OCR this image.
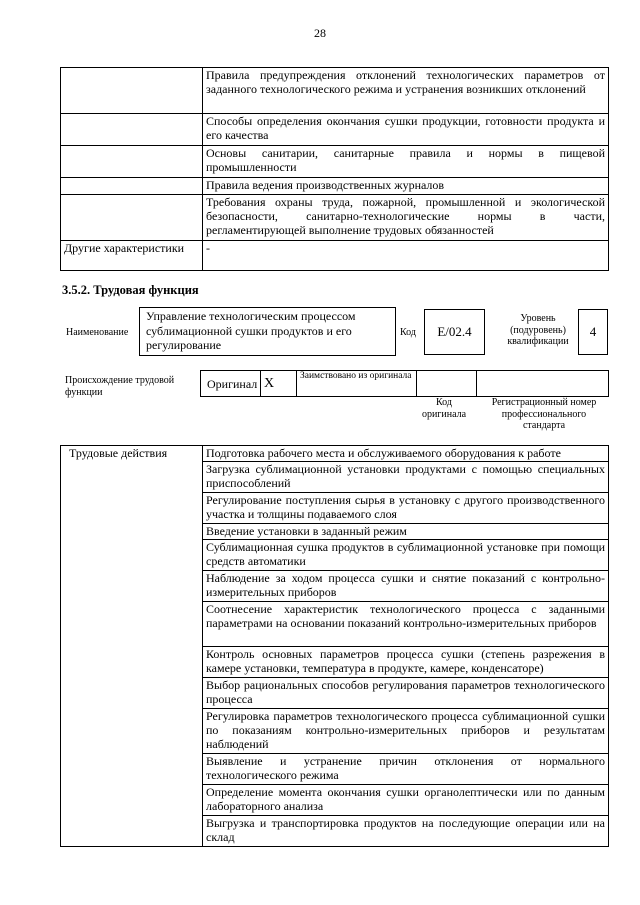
28
	Правила предупреждения отклонений технологических параметров от заданного технологического режима и устранения возникших отклонений
	Способы определения окончания сушки продукции, готовности продукта и его качества
	Основы санитарии, санитарные правила и нормы в пищевой промышленности
	Правила ведения производственных журналов
	Требования охраны труда, пожарной, промышленной и экологической безопасности, санитарно-технологические нормы в части, регламентирующей выполнение трудовых обязанностей
Другие характеристики	-
3.5.2. Трудовая функция
Наименование
Управление технологическим процессом сублимационной сушки продуктов и его регулирование
Код E/02.4
Уровень (подуровень) квалификации
4
Происхождение трудовой функции
Оригинал	X	Заимствовано из оригинала		
Код оригинала
Регистрационный номер профессионального стандарта
Трудовые действия	Подготовка рабочего места и обслуживаемого оборудования к работе
Загрузка сублимационной установки продуктами с помощью специальных приспособлений
Регулирование поступления сырья в установку с другого производственного участка и толщины подаваемого слоя
Введение установки в заданный режим
Сублимационная сушка продуктов в сублимационной установке при помощи средств автоматики
Наблюдение за ходом процесса сушки и снятие показаний с контрольно-измерительных приборов
Соотнесение характеристик технологического процесса с заданными параметрами на основании показаний контрольно-измерительных приборов
Контроль основных параметров процесса сушки (степень разрежения в камере установки, температура в продукте, камере, конденсаторе)
Выбор рациональных способов регулирования параметров технологического процесса
Регулировка параметров технологического процесса сублимационной сушки по показаниям контрольно-измерительных приборов и результатам наблюдений
Выявление и устранение причин отклонения от нормального технологического режима
Определение момента окончания сушки органолептически или по данным лабораторного анализа
Выгрузка и транспортировка продуктов на последующие операции или на склад
